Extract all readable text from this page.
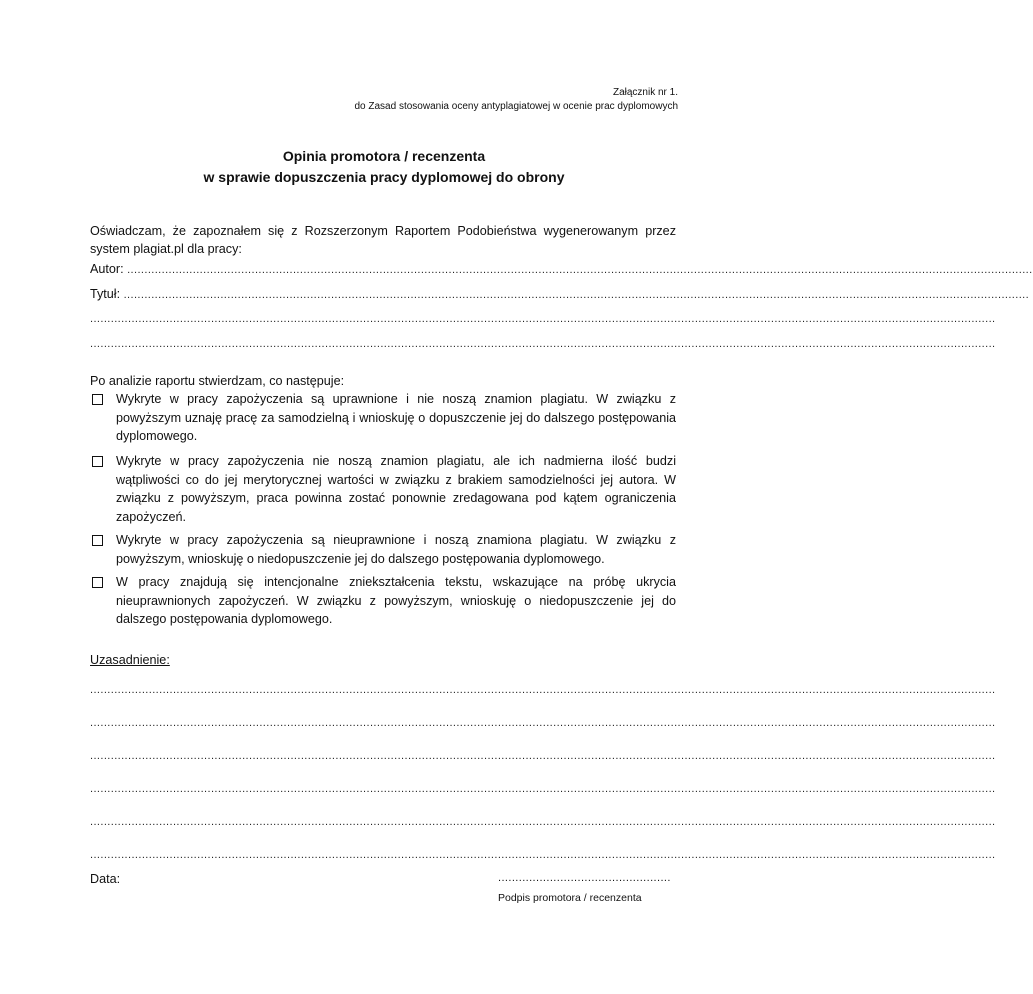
Załącznik nr 1.
do Zasad stosowania oceny antyplagiatowej w ocenie prac dyplomowych
Opinia promotora / recenzenta
w sprawie dopuszczenia pracy dyplomowej do obrony
Oświadczam, że zapoznałem się z Rozszerzonym Raportem Podobieństwa wygenerowanym przez system plagiat.pl dla pracy:
Autor: ......................................................................................................................................................................................................................................................................
Tytuł: ......................................................................................................................................................................................................................................................................
......................................................................................................................................................................................................................................................................
......................................................................................................................................................................................................................................................................
Po analizie raportu stwierdzam, co następuje:
Wykryte w pracy zapożyczenia są uprawnione i nie noszą znamion plagiatu. W związku z powyższym uznaję pracę za samodzielną i wnioskuję o dopuszczenie jej do dalszego postępowania dyplomowego.
Wykryte w pracy zapożyczenia nie noszą znamion plagiatu, ale ich nadmierna ilość budzi wątpliwości co do jej merytorycznej wartości w związku z brakiem samodzielności jej autora. W związku z powyższym, praca powinna zostać ponownie zredagowana pod kątem ograniczenia zapożyczeń.
Wykryte w pracy zapożyczenia są nieuprawnione i noszą znamiona plagiatu. W związku z powyższym, wnioskuję o niedopuszczenie jej do dalszego postępowania dyplomowego.
W pracy znajdują się intencjonalne zniekształcenia tekstu, wskazujące na próbę ukrycia nieuprawnionych zapożyczeń. W związku z powyższym, wnioskuję o niedopuszczenie jej do dalszego postępowania dyplomowego.
Uzasadnienie:
......................................................................................................................................................................................................................................................................
......................................................................................................................................................................................................................................................................
......................................................................................................................................................................................................................................................................
......................................................................................................................................................................................................................................................................
......................................................................................................................................................................................................................................................................
......................................................................................................................................................................................................................................................................
Data:	..................................................
Podpis promotora / recenzenta
